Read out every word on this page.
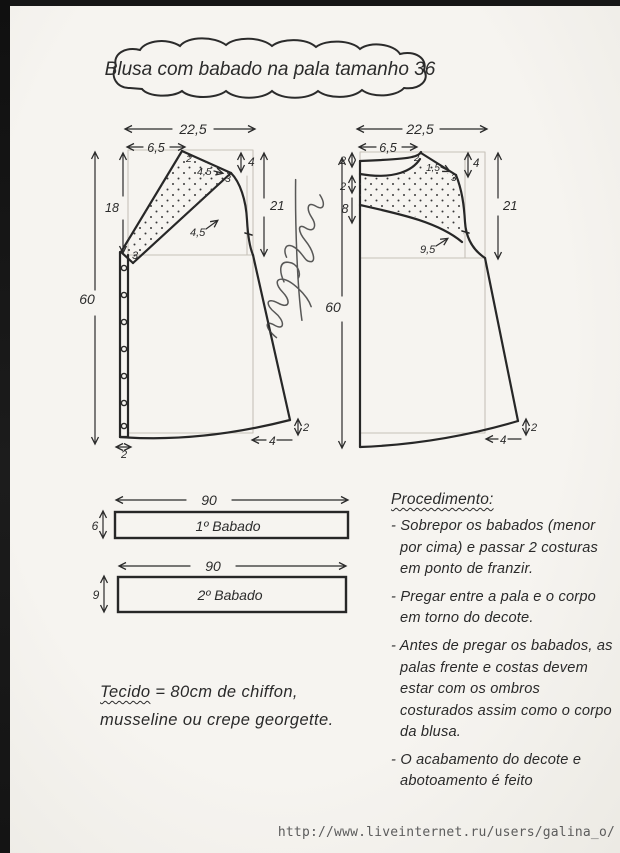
Blusa com babado na pala tamanho 36
22,5
6,5
18
60
4
21
2
4,5
3
3
4,5
4
2
2
22,5
6,5
2
2
8
2
1,5
3
4
21
9,5
60
4
2
1º Babado
90
6
2º Babado
90
9
Tecido = 80cm de chiffon,
musseline ou crepe georgette.
Procedimento:

- Sobrepor os babados (menor por cima) e passar 2 costuras em ponto de franzir.

- Pregar entre a pala e o corpo em torno do decote.

- Antes de pregar os babados, as palas frente e costas devem estar com os ombros costurados assim como o corpo da blusa.

- O acabamento do decote e abotoamento é feito

http://www.liveinternet.ru/users/galina_o/
